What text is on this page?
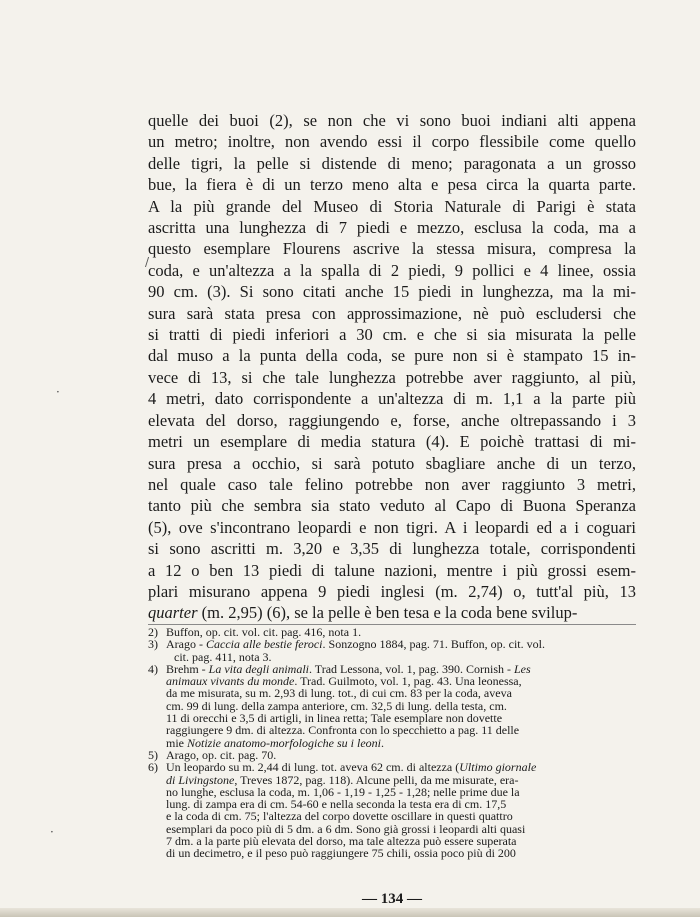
quelle dei buoi (2), se non che vi sono buoi indiani alti appena
un metro; inoltre, non avendo essi il corpo flessibile come quello
delle tigri, la pelle si distende di meno; paragonata a un grosso
bue, la fiera è di un terzo meno alta e pesa circa la quarta parte.
A la più grande del Museo di Storia Naturale di Parigi è stata
ascritta una lunghezza di 7 piedi e mezzo, esclusa la coda, ma a
questo esemplare Flourens ascrive la stessa misura, compresa la
coda, e un'altezza a la spalla di 2 piedi, 9 pollici e 4 linee, ossia
90 cm. (3). Si sono citati anche 15 piedi in lunghezza, ma la mi-
sura sarà stata presa con approssimazione, nè può escludersi che
si tratti di piedi inferiori a 30 cm. e che si sia misurata la pelle
dal muso a la punta della coda, se pure non si è stampato 15 in-
vece di 13, si che tale lunghezza potrebbe aver raggiunto, al più,
4 metri, dato corrispondente a un'altezza di m. 1,1 a la parte più
elevata del dorso, raggiungendo e, forse, anche oltrepassando i 3
metri un esemplare di media statura (4). E poichè trattasi di mi-
sura presa a occhio, si sarà potuto sbagliare anche di un terzo,
nel quale caso tale felino potrebbe non aver raggiunto 3 metri,
tanto più che sembra sia stato veduto al Capo di Buona Speranza
(5), ove s'incontrano leopardi e non tigri. A i leopardi ed a i coguari
si sono ascritti m. 3,20 e 3,35 di lunghezza totale, corrispondenti
a 12 o ben 13 piedi di talune nazioni, mentre i più grossi esem-
plari misurano appena 9 piedi inglesi (m. 2,74) o, tutt'al più, 13
quarter (m. 2,95) (6), se la pelle è ben tesa e la coda bene svilup-
2) Buffon, op. cit. vol. cit. pag. 416, nota 1.
3) Arago - Caccia alle bestie feroci. Sonzogno 1884, pag. 71. Buffon, op. cit. vol.
cit. pag. 411, nota 3.
4) Brehm - La vita degli animali. Trad Lessona, vol. 1, pag. 390. Cornish - Les
animaux vivants du monde. Trad. Guilmoto, vol. 1, pag. 43. Una leonessa,
da me misurata, su m. 2,93 di lung. tot., di cui cm. 83 per la coda, aveva
cm. 99 di lung. della zampa anteriore, cm. 32,5 di lung. della testa, cm.
11 di orecchi e 3,5 di artigli, in linea retta; Tale esemplare non dovette
raggiungere 9 dm. di altezza. Confronta con lo specchietto a pag. 11 delle
mie Notizie anatomo-morfologiche su i leoni.
5) Arago, op. cit. pag. 70.
6) Un leopardo su m. 2,44 di lung. tot. aveva 62 cm. di altezza (Ultimo giornale
di Livingstone, Treves 1872, pag. 118). Alcune pelli, da me misurate, era-
no lunghe, esclusa la coda, m. 1,06 - 1,19 - 1,25 - 1,28; nelle prime due la
lung. di zampa era di cm. 54-60 e nella seconda la testa era di cm. 17,5
e la coda di cm. 75; l'altezza del corpo dovette oscillare in questi quattro
esemplari da poco più di 5 dm. a 6 dm. Sono già grossi i leopardi alti quasi
7 dm. a la parte più elevata del dorso, ma tale altezza può essere superata
di un decimetro, e il peso può raggiungere 75 chili, ossia poco più di 200
— 134 —
/
·
·
